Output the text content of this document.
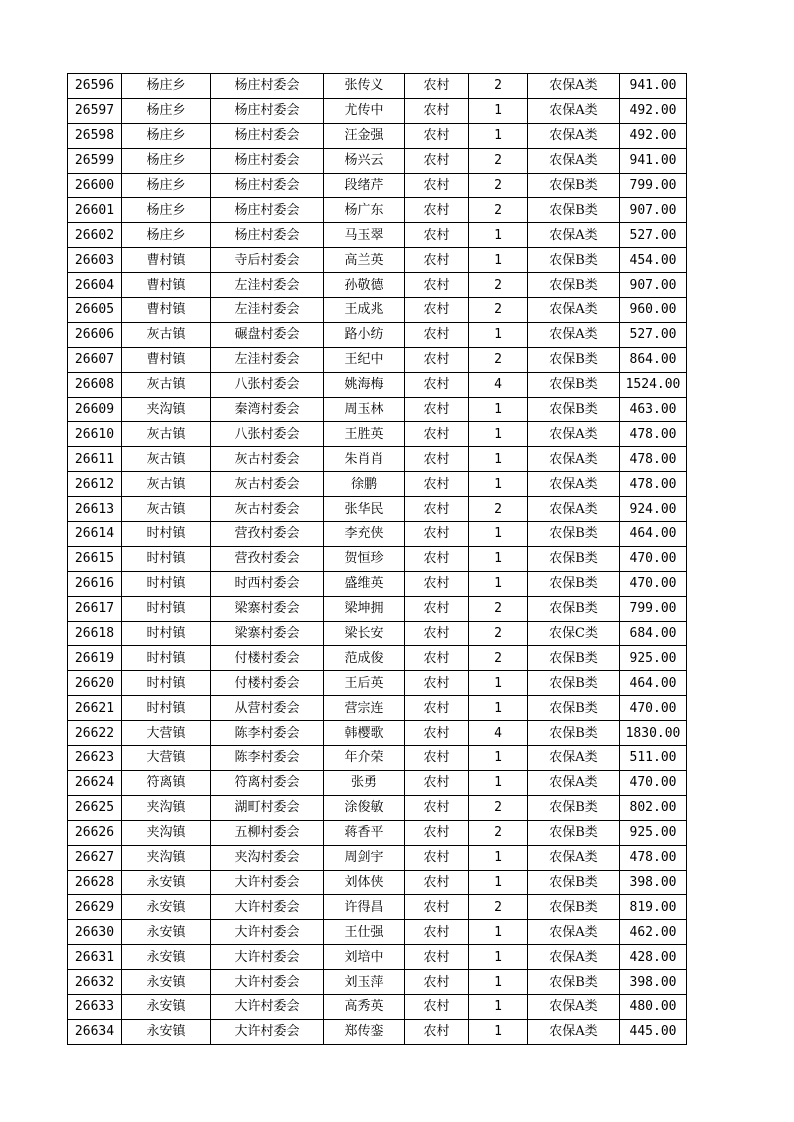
26596	杨庄乡	杨庄村委会	张传义	农村	2	农保A类	941.00
26597	杨庄乡	杨庄村委会	尤传中	农村	1	农保A类	492.00
26598	杨庄乡	杨庄村委会	汪金强	农村	1	农保A类	492.00
26599	杨庄乡	杨庄村委会	杨兴云	农村	2	农保A类	941.00
26600	杨庄乡	杨庄村委会	段绪芹	农村	2	农保B类	799.00
26601	杨庄乡	杨庄村委会	杨广东	农村	2	农保B类	907.00
26602	杨庄乡	杨庄村委会	马玉翠	农村	1	农保A类	527.00
26603	曹村镇	寺后村委会	高兰英	农村	1	农保B类	454.00
26604	曹村镇	左洼村委会	孙敬德	农村	2	农保B类	907.00
26605	曹村镇	左洼村委会	王成兆	农村	2	农保A类	960.00
26606	灰古镇	碾盘村委会	路小纺	农村	1	农保A类	527.00
26607	曹村镇	左洼村委会	王纪中	农村	2	农保B类	864.00
26608	灰古镇	八张村委会	姚海梅	农村	4	农保B类	1524.00
26609	夹沟镇	秦湾村委会	周玉林	农村	1	农保B类	463.00
26610	灰古镇	八张村委会	王胜英	农村	1	农保A类	478.00
26611	灰古镇	灰古村委会	朱肖肖	农村	1	农保A类	478.00
26612	灰古镇	灰古村委会	徐鹏	农村	1	农保A类	478.00
26613	灰古镇	灰古村委会	张华民	农村	2	农保A类	924.00
26614	时村镇	营孜村委会	李充侠	农村	1	农保B类	464.00
26615	时村镇	营孜村委会	贺恒珍	农村	1	农保B类	470.00
26616	时村镇	时西村委会	盛维英	农村	1	农保B类	470.00
26617	时村镇	梁寨村委会	梁坤拥	农村	2	农保B类	799.00
26618	时村镇	梁寨村委会	梁长安	农村	2	农保C类	684.00
26619	时村镇	付楼村委会	范成俊	农村	2	农保B类	925.00
26620	时村镇	付楼村委会	王后英	农村	1	农保B类	464.00
26621	时村镇	从营村委会	营宗连	农村	1	农保B类	470.00
26622	大营镇	陈李村委会	韩樱歌	农村	4	农保B类	1830.00
26623	大营镇	陈李村委会	年介荣	农村	1	农保A类	511.00
26624	符离镇	符离村委会	张勇	农村	1	农保A类	470.00
26625	夹沟镇	湖町村委会	涂俊敏	农村	2	农保B类	802.00
26626	夹沟镇	五柳村委会	蒋香平	农村	2	农保B类	925.00
26627	夹沟镇	夹沟村委会	周剑宇	农村	1	农保A类	478.00
26628	永安镇	大许村委会	刘体侠	农村	1	农保B类	398.00
26629	永安镇	大许村委会	许得昌	农村	2	农保B类	819.00
26630	永安镇	大许村委会	王仕强	农村	1	农保A类	462.00
26631	永安镇	大许村委会	刘培中	农村	1	农保A类	428.00
26632	永安镇	大许村委会	刘玉萍	农村	1	农保B类	398.00
26633	永安镇	大许村委会	高秀英	农村	1	农保A类	480.00
26634	永安镇	大许村委会	郑传銮	农村	1	农保A类	445.00
